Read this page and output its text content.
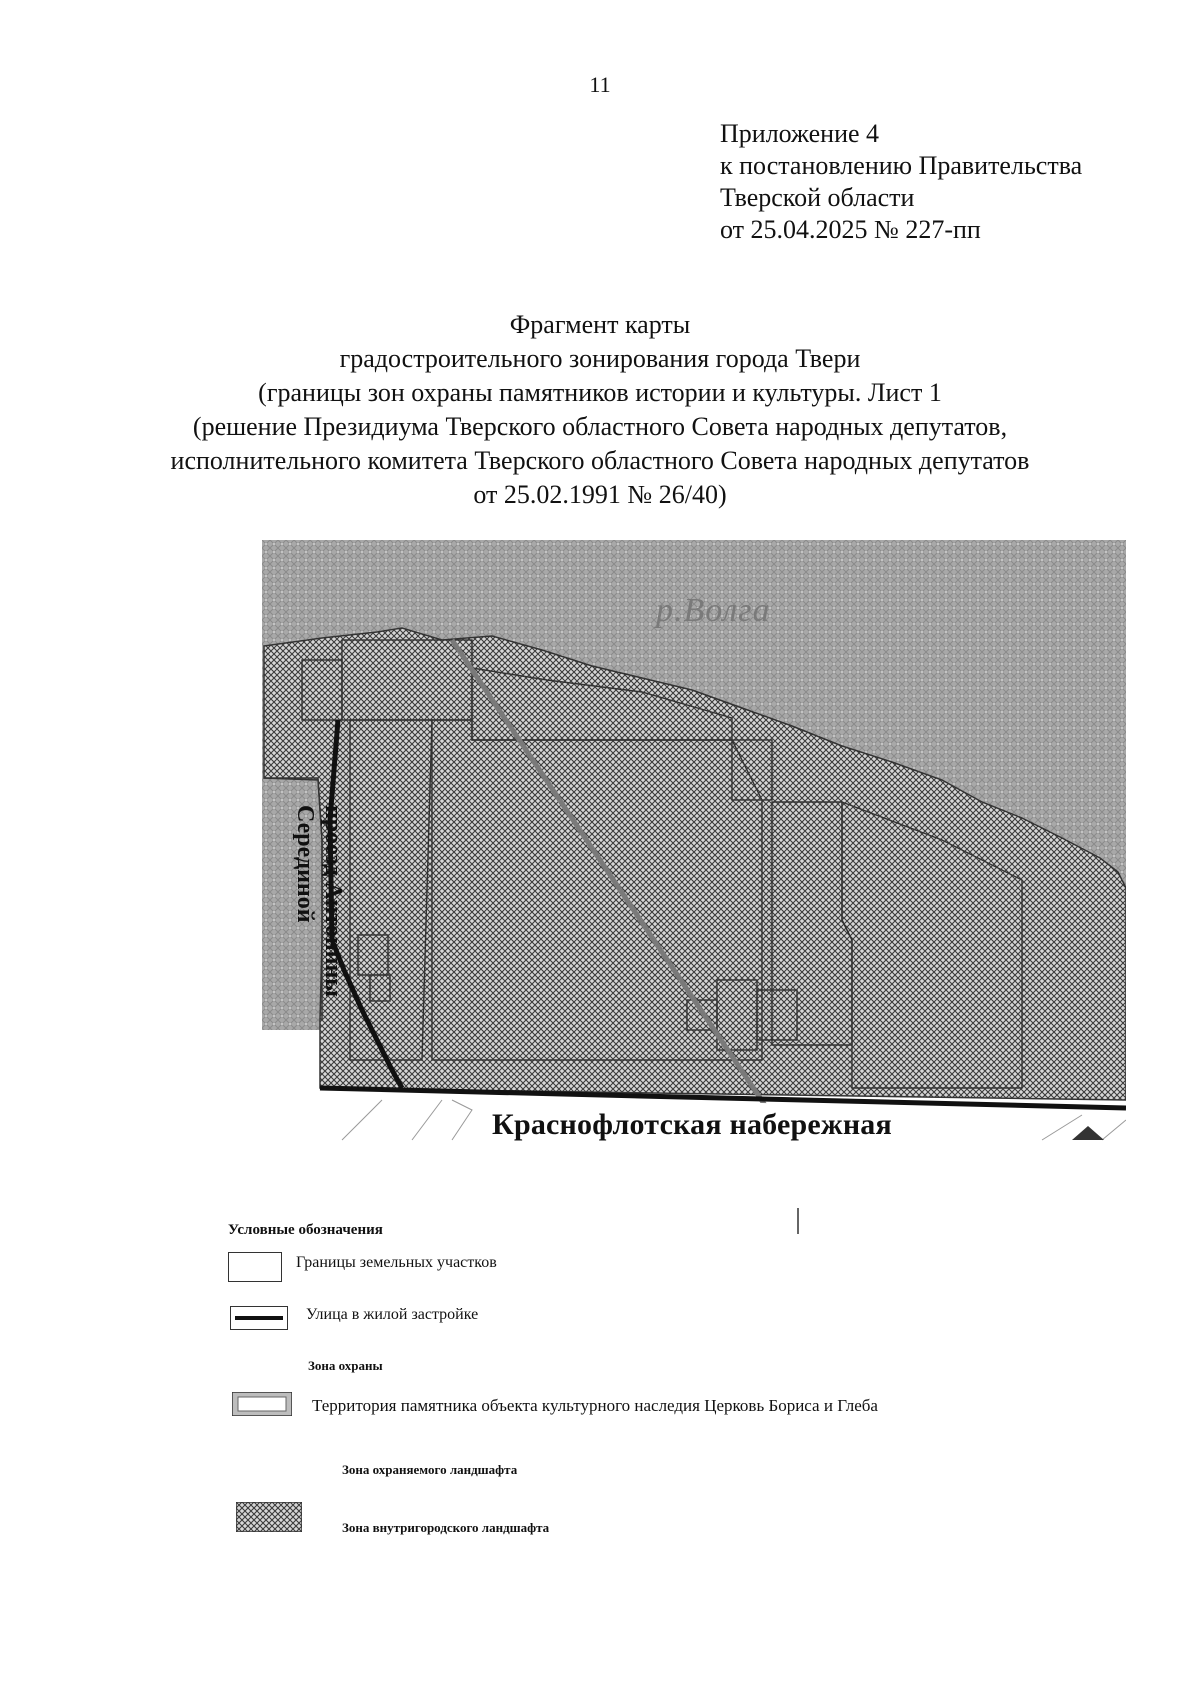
11
Приложение 4
к постановлению Правительства
Тверской области
от 25.04.2025 № 227-пп
Фрагмент карты
градостроительного зонирования города Твери
(границы зон охраны памятников истории и культуры. Лист 1
(решение Президиума Тверского областного Совета народных депутатов,
исполнительного комитета Тверского областного Совета народных депутатов
от 25.02.1991 № 26/40)
р.Волга
Краснофлотская набережная
проезд Антонины
Серединой
Условные обозначения
Границы земельных участков
Улица в жилой застройке
Зона охраны
Территория памятника объекта культурного наследия Церковь Бориса и Глеба
Зона охраняемого ландшафта
Зона внутригородского ландшафта
